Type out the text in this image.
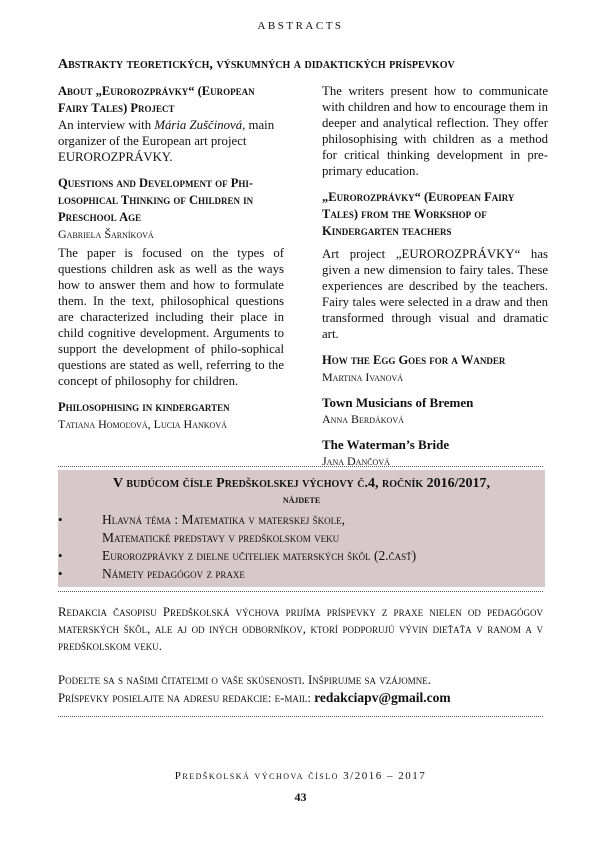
ABSTRACTS
Abstrakty teoretických, výskumných a didaktických príspevkov
About „Eurorozprávky“ (European
Fairy Tales) Project
An interview with Mária Zuščinová, main organizer of the European art project EUROROZPRÁVKY.
Questions and Development of Phi-
losophical Thinking of Children in
Preschool Age
Gabriela Šarníková
The paper is focused on the types of questions children ask as well as the ways how to answer them and how to formulate them. In the text, philosophical questions are characterized including their place in child cognitive development. Arguments to support the development of philo-sophical questions are stated as well, referring to the concept of philosophy for children.
Philosophising in kindergarten
Tatiana Homoľová, Lucia Hanková
The writers present how to communicate with children and how to encourage them in deeper and analytical reflection. They offer philosophising with children as a method for critical thinking development in pre-primary education.
„Eurorozprávky“ (European Fairy
Tales) from the Workshop of
Kindergarten teachers
Art project „EUROROZPRÁVKY“ has given a new dimension to fairy tales. These experiences are described by the teachers. Fairy tales were selected in a draw and then transformed through visual and dramatic art.
How the Egg Goes for a Wander
Martina Ivanová
Town Musicians of Bremen
Anna Berdáková
The Waterman’s Bride
Jana Dančová
V budúcom čísle Predškolskej výchovy č.4, ročník 2016/2017,
nájdete
•	Hlavná téma : Matematika v materskej škole,
Matematické predstavy v predškolskom veku
•	Eurorozprávky z dielne učiteliek materských škôl (2.časť)
•	Námety pedagógov z praxe
Redakcia časopisu Predškolská výchova prijíma príspevky z praxe nielen od pedagógov materských škôl, ale aj od iných odborníkov, ktorí podporujú vývin dieťaťa v ranom a v predškolskom veku.
Podeľte sa s našimi čitateľmi o vaše skúsenosti. Inšpirujme sa vzájomne.
Príspevky posielajte na adresu redakcie: e-mail: redakciapv@gmail.com
Predškolská výchova číslo 3/2016 – 2017
43
